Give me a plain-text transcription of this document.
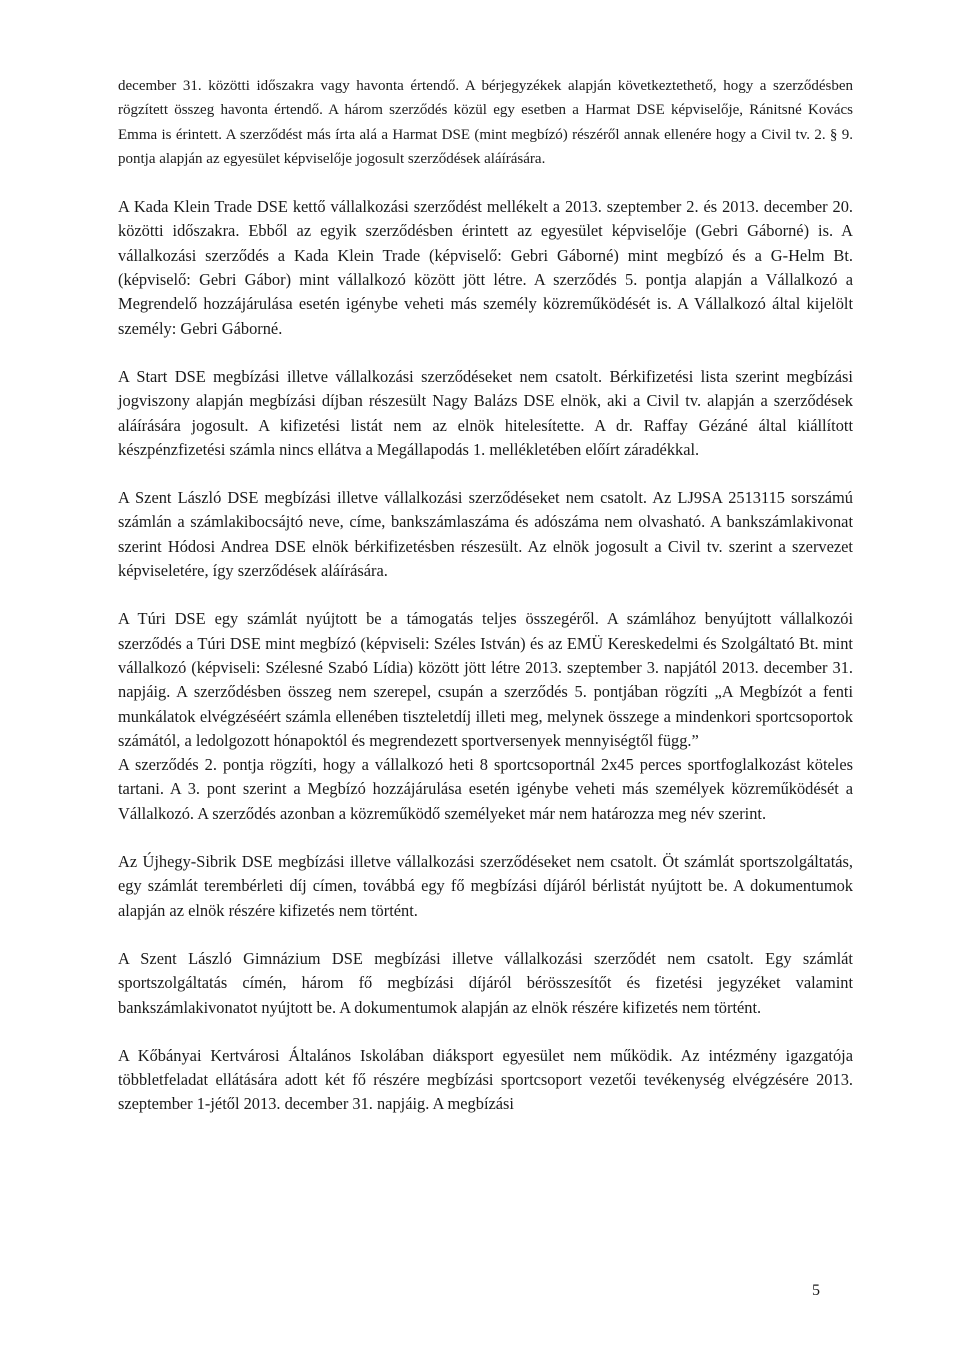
december 31. közötti időszakra vagy havonta értendő. A bérjegyzékek alapján következtethető, hogy a szerződésben rögzített összeg havonta értendő. A három szerződés közül egy esetben a Harmat DSE képviselője, Ránitsné Kovács Emma is érintett. A szerződést más írta alá a Harmat DSE (mint megbízó) részéről annak ellenére hogy a Civil tv. 2. § 9. pontja alapján az egyesület képviselője jogosult szerződések aláírására.

A Kada Klein Trade DSE kettő vállalkozási szerződést mellékelt a 2013. szeptember 2. és 2013. december 20. közötti időszakra. Ebből az egyik szerződésben érintett az egyesület képviselője (Gebri Gáborné) is. A vállalkozási szerződés a Kada Klein Trade (képviselő: Gebri Gáborné) mint megbízó és a G-Helm Bt. (képviselő: Gebri Gábor) mint vállalkozó között jött létre. A szerződés 5. pontja alapján a Vállalkozó a Megrendelő hozzájárulása esetén igénybe veheti más személy közreműködését is. A Vállalkozó által kijelölt személy: Gebri Gáborné.

A Start DSE megbízási illetve vállalkozási szerződéseket nem csatolt. Bérkifizetési lista szerint megbízási jogviszony alapján megbízási díjban részesült Nagy Balázs DSE elnök, aki a Civil tv. alapján a szerződések aláírására jogosult. A kifizetési listát nem az elnök hitelesítette. A dr. Raffay Gézáné által kiállított készpénzfizetési számla nincs ellátva a Megállapodás 1. mellékletében előírt záradékkal.

A Szent László DSE megbízási illetve vállalkozási szerződéseket nem csatolt. Az LJ9SA 2513115 sorszámú számlán a számlakibocsájtó neve, címe, bankszámlaszáma és adószáma nem olvasható. A bankszámlakivonat szerint Hódosi Andrea DSE elnök bérkifizetésben részesült. Az elnök jogosult a Civil tv. szerint a szervezet képviseletére, így szerződések aláírására.

A Túri DSE egy számlát nyújtott be a támogatás teljes összegéről. A számlához benyújtott vállalkozói szerződés a Túri DSE mint megbízó (képviseli: Széles István) és az EMÜ Kereskedelmi és Szolgáltató Bt. mint vállalkozó (képviseli: Szélesné Szabó Lídia) között jött létre 2013. szeptember 3. napjától 2013. december 31. napjáig. A szerződésben összeg nem szerepel, csupán a szerződés 5. pontjában rögzíti „A Megbízót a fenti munkálatok elvégzéséért számla ellenében tiszteletdíj illeti meg, melynek összege a mindenkori sportcsoportok számától, a ledolgozott hónapoktól és megrendezett sportversenyek mennyiségtől függ.”

A szerződés 2. pontja rögzíti, hogy a vállalkozó heti 8 sportcsoportnál 2x45 perces sportfoglalkozást köteles tartani. A 3. pont szerint a Megbízó hozzájárulása esetén igénybe veheti más személyek közreműködését a Vállalkozó. A szerződés azonban a közreműködő személyeket már nem határozza meg név szerint.

Az Újhegy-Sibrik DSE megbízási illetve vállalkozási szerződéseket nem csatolt. Öt számlát sportszolgáltatás, egy számlát terembérleti díj címen, továbbá egy fő megbízási díjáról bérlistát nyújtott be. A dokumentumok alapján az elnök részére kifizetés nem történt.

A Szent László Gimnázium DSE megbízási illetve vállalkozási szerződét nem csatolt. Egy számlát sportszolgáltatás címén, három fő megbízási díjáról bérösszesítőt és fizetési jegyzéket valamint bankszámlakivonatot nyújtott be. A dokumentumok alapján az elnök részére kifizetés nem történt.

A Kőbányai Kertvárosi Általános Iskolában diáksport egyesület nem működik. Az intézmény igazgatója többletfeladat ellátására adott két fő részére megbízási sportcsoport vezetői tevékenység elvégzésére 2013. szeptember 1-jétől 2013. december 31. napjáig. A megbízási

5
